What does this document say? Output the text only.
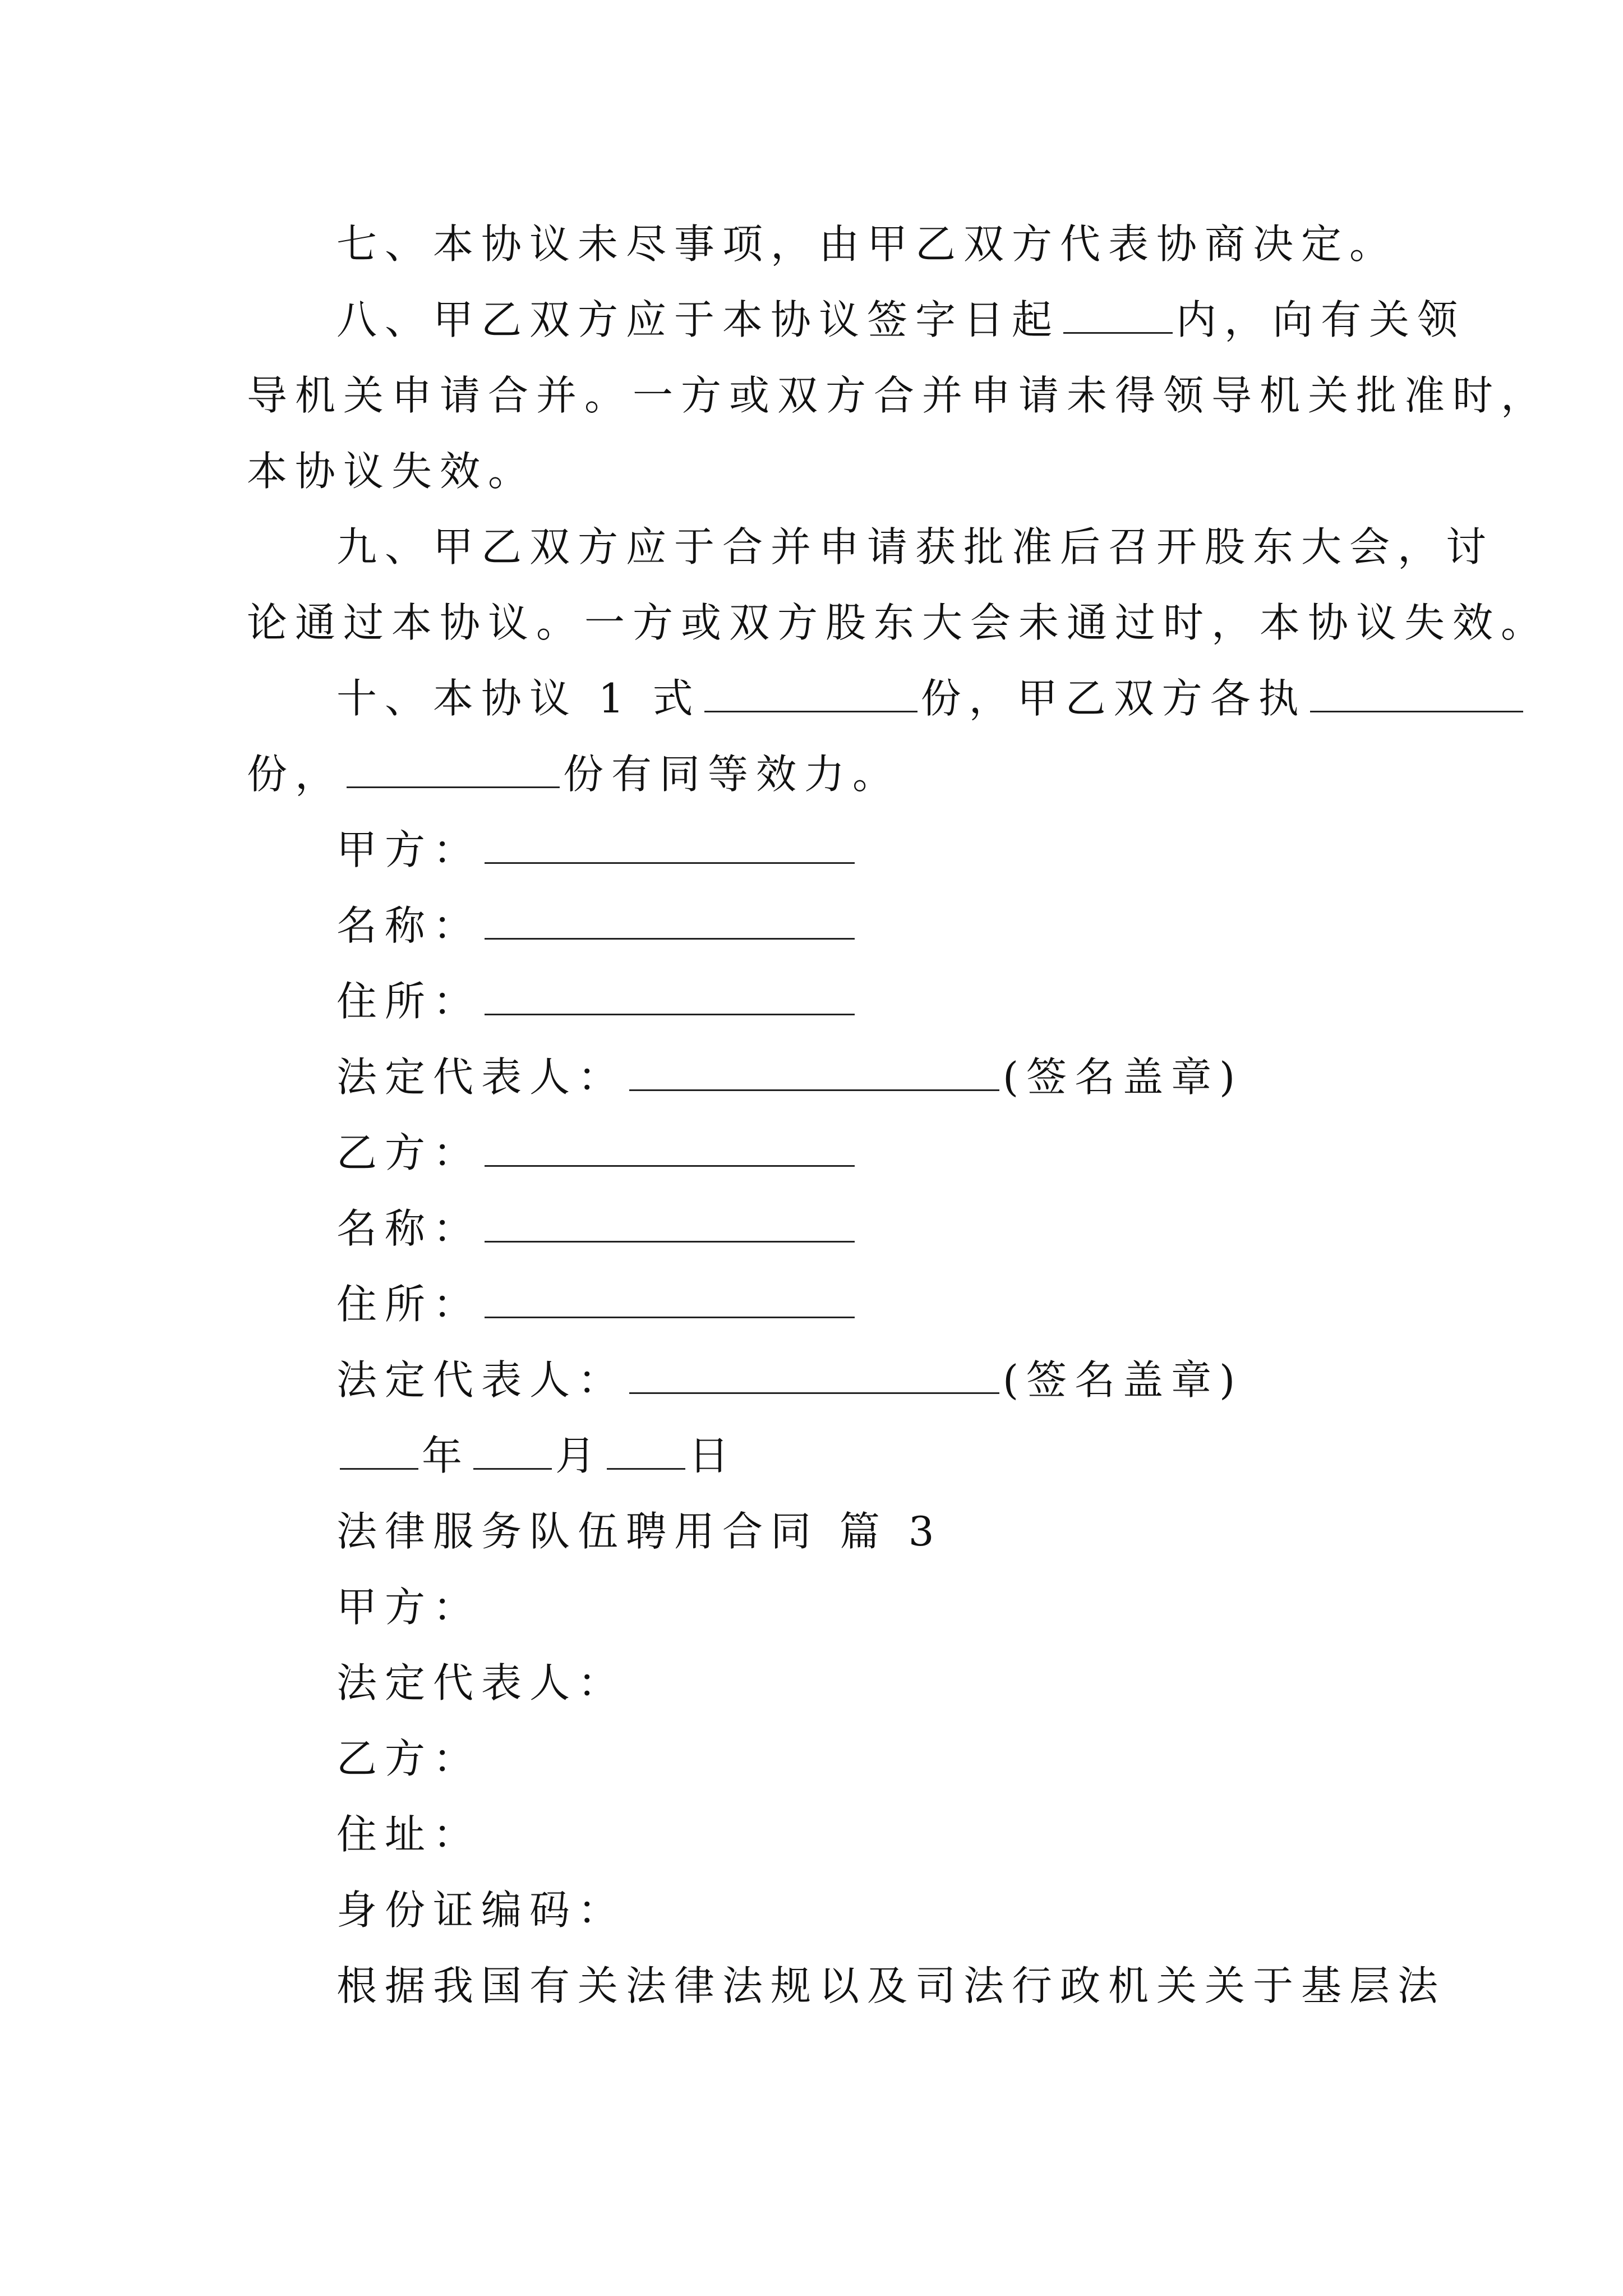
七、本协议未尽事项，由甲乙双方代表协商决定。
八、甲乙双方应于本协议签字日起	内，向有关领
导机关申请合并。一方或双方合并申请未得领导机关批准时，
本协议失效。
九、甲乙双方应于合并申请获批准后召开股东大会，讨
论通过本协议。一方或双方股东大会未通过时，本协议失效。
十、本协议 1 式	份，甲乙双方各执
份，	份有同等效力。
甲方：
名称：
住所：
法定代表人：	(签名盖章)
乙方：
名称：
住所：
法定代表人：	(签名盖章)
年 月 日
法律服务队伍聘用合同 篇 3
甲方：
法定代表人：
乙方：
住址：
身份证编码：
根据我国有关法律法规以及司法行政机关关于基层法
